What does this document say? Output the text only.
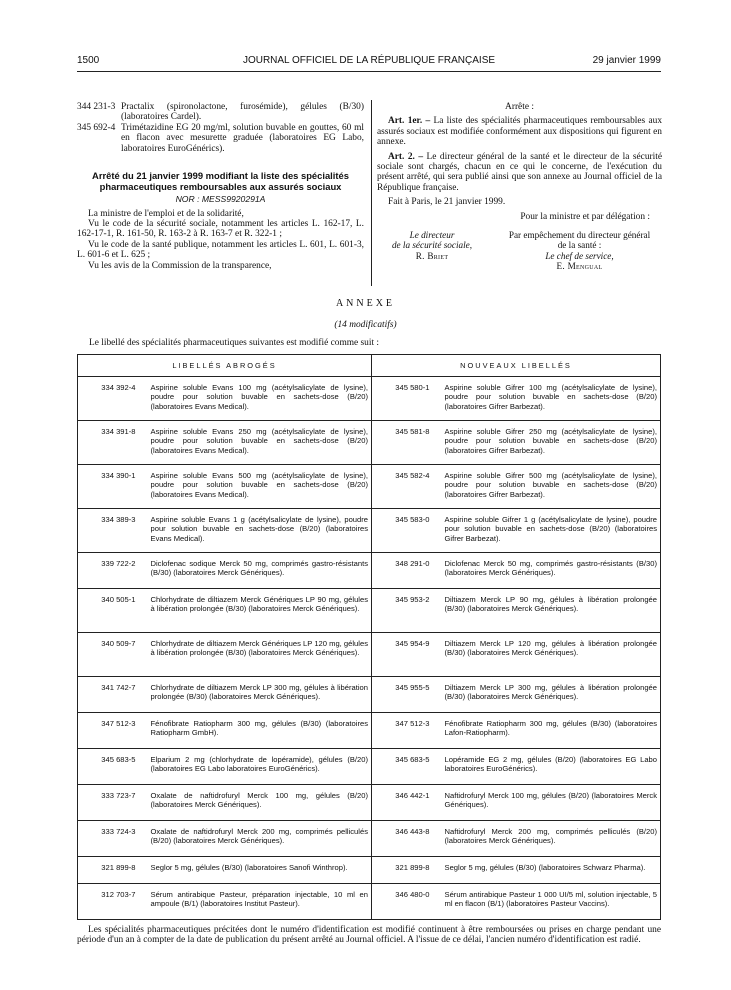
1500	JOURNAL OFFICIEL DE LA RÉPUBLIQUE FRANÇAISE	29 janvier 1999
344 231-3 Practalix (spironolactone, furosémide), gélules (B/30) (laboratoires Cardel).
345 692-4 Trimétazidine EG 20 mg/ml, solution buvable en gouttes, 60 ml en flacon avec mesurette graduée (laboratoires EG Labo, laboratoires EuroGénérics).
Arrêté du 21 janvier 1999 modifiant la liste des spécialités pharmaceutiques remboursables aux assurés sociaux
NOR : MESS9920291A
La ministre de l'emploi et de la solidarité,
Vu le code de la sécurité sociale, notamment les articles L. 162-17, L. 162-17-1, R. 161-50, R. 163-2 à R. 163-7 et R. 322-1 ;
Vu le code de la santé publique, notamment les articles L. 601, L. 601-3, L. 601-6 et L. 625 ;
Vu les avis de la Commission de la transparence,
Arrête :
Art. 1er. – La liste des spécialités pharmaceutiques remboursables aux assurés sociaux est modifiée conformément aux dispositions qui figurent en annexe.
Art. 2. – Le directeur général de la santé et le directeur de la sécurité sociale sont chargés, chacun en ce qui le concerne, de l'exécution du présent arrêté, qui sera publié ainsi que son annexe au Journal officiel de la République française.
Fait à Paris, le 21 janvier 1999.
Pour la ministre et par délégation :
Le directeur
de la sécurité sociale,
R. Briet
Par empêchement du directeur général
de la santé :
Le chef de service,
E. Mengual
ANNEXE
(14 modificatifs)
Le libellé des spécialités pharmaceutiques suivantes est modifié comme suit :
LIBELLÉS ABROGÉS		NOUVEAUX LIBELLÉS	
334 392-4	Aspirine soluble Evans 100 mg (acétylsalicylate de lysine), poudre pour solution buvable en sachets-dose (B/20) (laboratoires Evans Medical).	345 580-1	Aspirine soluble Gifrer 100 mg (acétylsalicylate de lysine), poudre pour solution buvable en sachets-dose (B/20) (laboratoires Gifrer Barbezat).
334 391-8	Aspirine soluble Evans 250 mg (acétylsalicylate de lysine), poudre pour solution buvable en sachets-dose (B/20) (laboratoires Evans Medical).	345 581-8	Aspirine soluble Gifrer 250 mg (acétylsalicylate de lysine), poudre pour solution buvable en sachets-dose (B/20) (laboratoires Gifrer Barbezat).
334 390-1	Aspirine soluble Evans 500 mg (acétylsalicylate de lysine), poudre pour solution buvable en sachets-dose (B/20) (laboratoires Evans Medical).	345 582-4	Aspirine soluble Gifrer 500 mg (acétylsalicylate de lysine), poudre pour solution buvable en sachets-dose (B/20) (laboratoires Gifrer Barbezat).
334 389-3	Aspirine soluble Evans 1 g (acétylsalicylate de lysine), poudre pour solution buvable en sachets-dose (B/20) (laboratoires Evans Medical).	345 583-0	Aspirine soluble Gifrer 1 g (acétylsalicylate de lysine), poudre pour solution buvable en sachets-dose (B/20) (laboratoires Gifrer Barbezat).
339 722-2	Diclofenac sodique Merck 50 mg, comprimés gastro-résistants (B/30) (laboratoires Merck Génériques).	348 291-0	Diclofenac Merck 50 mg, comprimés gastro-résistants (B/30) (laboratoires Merck Génériques).
340 505-1	Chlorhydrate de diltiazem Merck Génériques LP 90 mg, gélules à libération prolongée (B/30) (laboratoires Merck Génériques).	345 953-2	Diltiazem Merck LP 90 mg, gélules à libération prolongée (B/30) (laboratoires Merck Génériques).
340 509-7	Chlorhydrate de diltiazem Merck Génériques LP 120 mg, gélules à libération prolongée (B/30) (laboratoires Merck Génériques).	345 954-9	Diltiazem Merck LP 120 mg, gélules à libération prolongée (B/30) (laboratoires Merck Génériques).
341 742-7	Chlorhydrate de diltiazem Merck LP 300 mg, gélules à libération prolongée (B/30) (laboratoires Merck Génériques).	345 955-5	Diltiazem Merck LP 300 mg, gélules à libération prolongée (B/30) (laboratoires Merck Génériques).
347 512-3	Fénofibrate Ratiopharm 300 mg, gélules (B/30) (laboratoires Ratiopharm GmbH).	347 512-3	Fénofibrate Ratiopharm 300 mg, gélules (B/30) (laboratoires Lafon-Ratiopharm).
345 683-5	Elparium 2 mg (chlorhydrate de lopéramide), gélules (B/20) (laboratoires EG Labo laboratoires EuroGénérics).	345 683-5	Lopéramide EG 2 mg, gélules (B/20) (laboratoires EG Labo laboratoires EuroGénérics).
333 723-7	Oxalate de naftidrofuryl Merck 100 mg, gélules (B/20) (laboratoires Merck Génériques).	346 442-1	Naftidrofuryl Merck 100 mg, gélules (B/20) (laboratoires Merck Génériques).
333 724-3	Oxalate de naftidrofuryl Merck 200 mg, comprimés pelliculés (B/20) (laboratoires Merck Génériques).	346 443-8	Naftidrofuryl Merck 200 mg, comprimés pelliculés (B/20) (laboratoires Merck Génériques).
321 899-8	Seglor 5 mg, gélules (B/30) (laboratoires Sanofi Winthrop).	321 899-8	Seglor 5 mg, gélules (B/30) (laboratoires Schwarz Pharma).
312 703-7	Sérum antirabique Pasteur, préparation injectable, 10 ml en ampoule (B/1) (laboratoires Institut Pasteur).	346 480-0	Sérum antirabique Pasteur 1 000 UI/5 ml, solution injectable, 5 ml en flacon (B/1) (laboratoires Pasteur Vaccins).
Les spécialités pharmaceutiques précitées dont le numéro d'identification est modifié continuent à être remboursées ou prises en charge pendant une période d'un an à compter de la date de publication du présent arrêté au Journal officiel. A l'issue de ce délai, l'ancien numéro d'identification est radié.
